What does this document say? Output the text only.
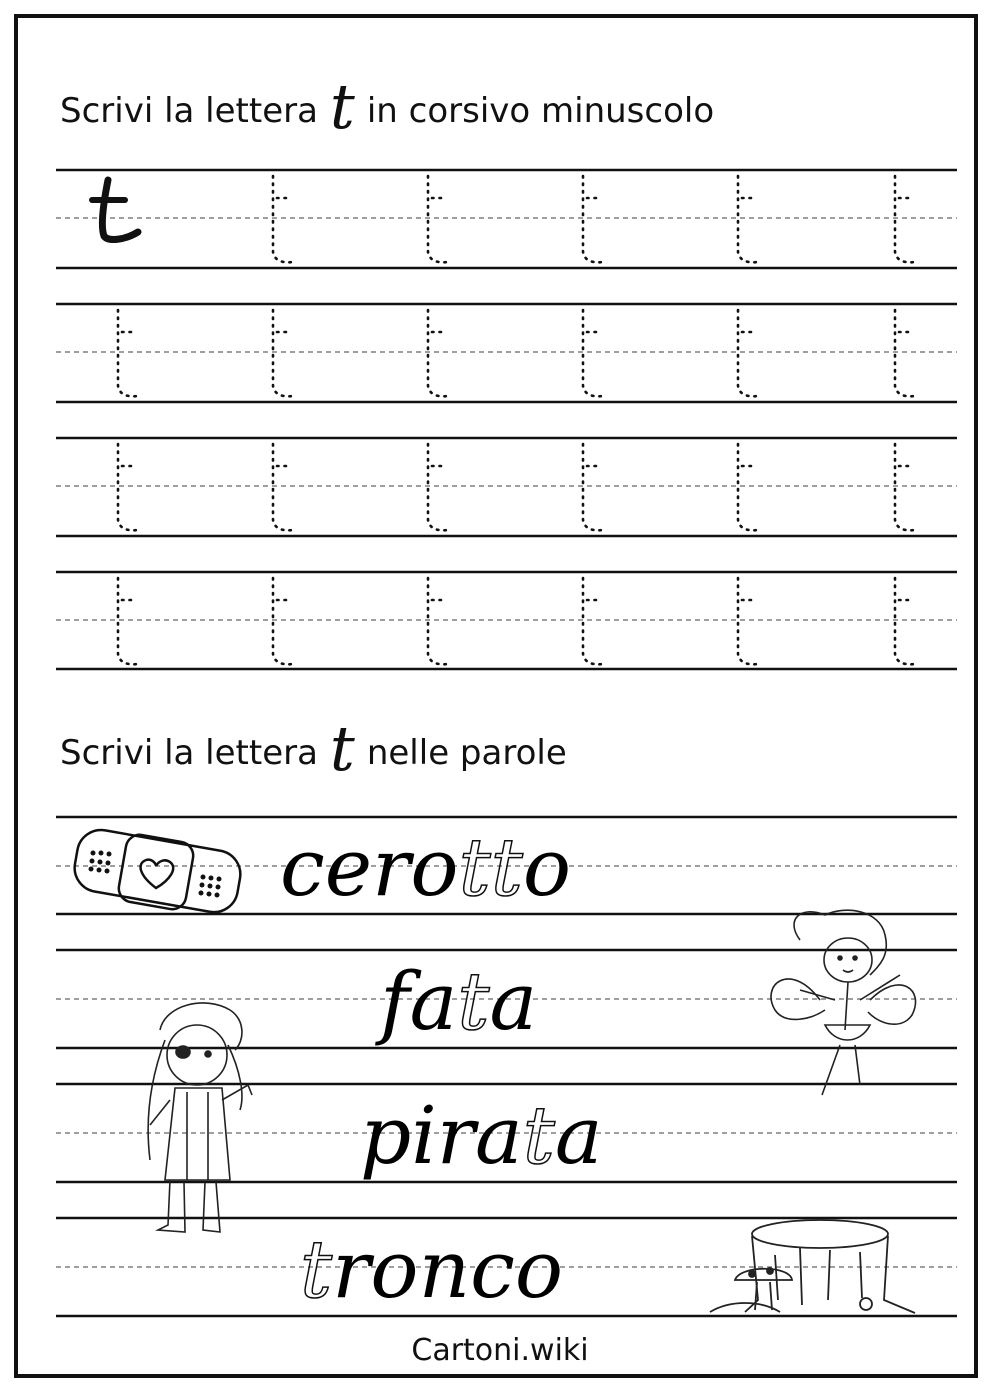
Scrivi la lettera t in corsivo minuscolo
Scrivi la lettera t nelle parole
cerotto
fata
pirata
tronco
Cartoni.wiki
